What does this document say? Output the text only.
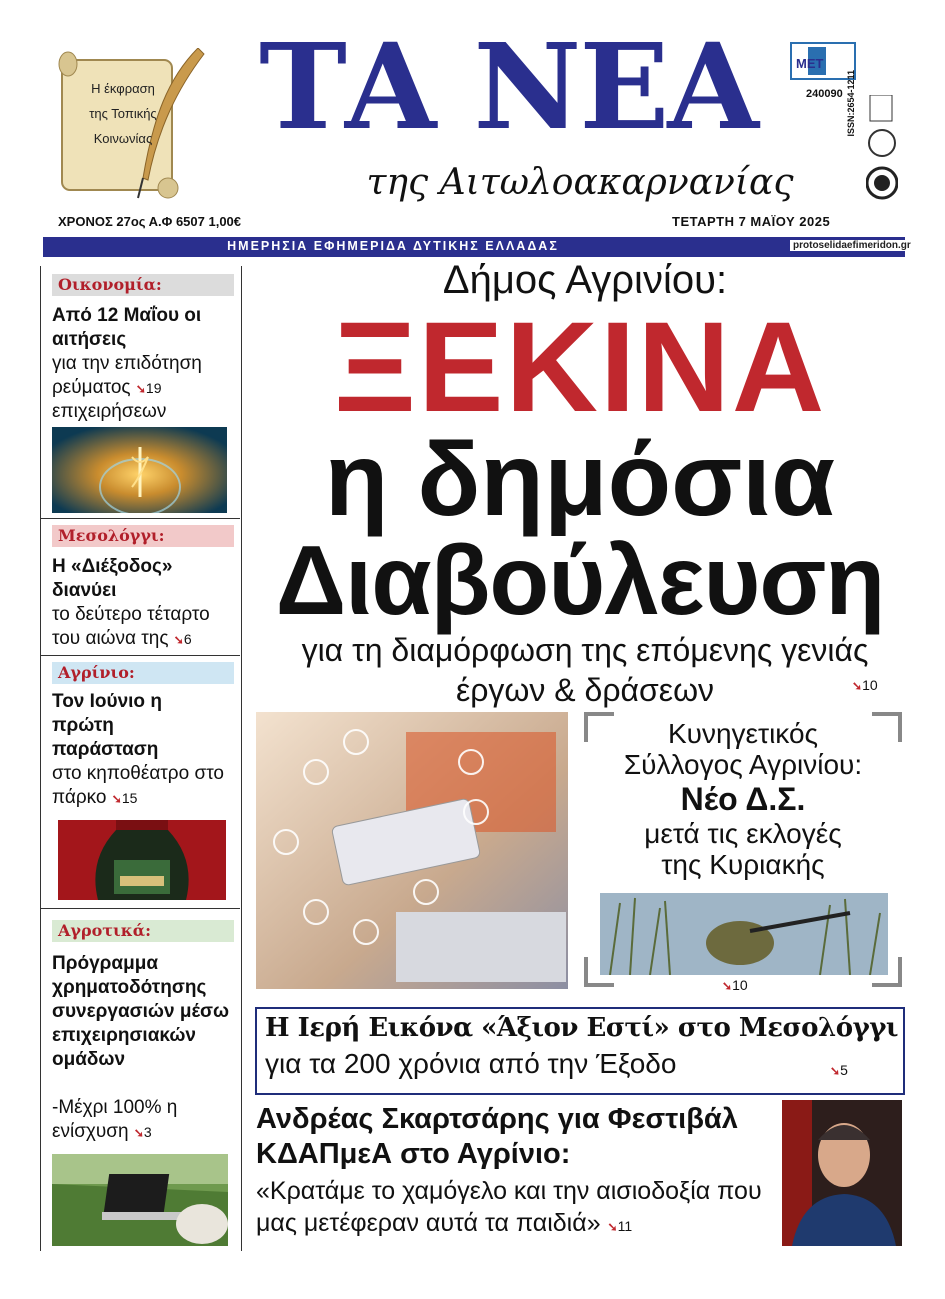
Η έκφραση
της Τοπικής
Κοινωνίας ΤΑ ΝΕΑ
της Αιτωλοακαρνανίας
ΧΡΟΝΟΣ 27ος Α.Φ 6507 1,00€	ΤΕΤΑΡΤΗ 7 ΜΑΪΟΥ 2025
ΜΕΤ
240090 ISSN:2654-1211
ΗΜΕΡΗΣΙΑ ΕΦΗΜΕΡΙΔΑ ΔΥΤΙΚΗΣ ΕΛΛΑΔΑΣ	protoselidaefimeridon.gr
Οικονομία:
Από 12 Μαΐου οι αιτήσεις
για την επιδότηση ρεύματος ➘19
επιχειρήσεων
Μεσολόγγι:
Η «Διέξοδος» διανύει
το δεύτερο τέταρτο του αιώνα της ➘6
Αγρίνιο:
Τον Ιούνιο η πρώτη παράσταση
στο κηποθέατρο στο πάρκο ➘15
Αγροτικά:
Πρόγραμμα χρηματοδότησης συνεργασιών μέσω επιχειρησιακών ομάδων
-Μέχρι 100% η ενίσχυση ➘3
Δήμος Αγρινίου:
ΞΕΚΙΝΑ
η δημόσια
Διαβούλευση
για τη διαμόρφωση της επόμενης γενιάς έργων & δράσεων	➘10
Κυνηγετικός
Σύλλογος Αγρινίου:
Νέο Δ.Σ.
μετά τις εκλογές
της Κυριακής
➘10
Η Ιερή Εικόνα «Άξιον Εστί» στο Μεσολόγγι
για τα 200 χρόνια από την Έξοδο	➘5
Ανδρέας Σκαρτσάρης για Φεστιβάλ ΚΔΑΠμεΑ στο Αγρίνιο:
«Κρατάμε το χαμόγελο και την αισιοδοξία που μας μετέφεραν αυτά τα παιδιά» ➘11
